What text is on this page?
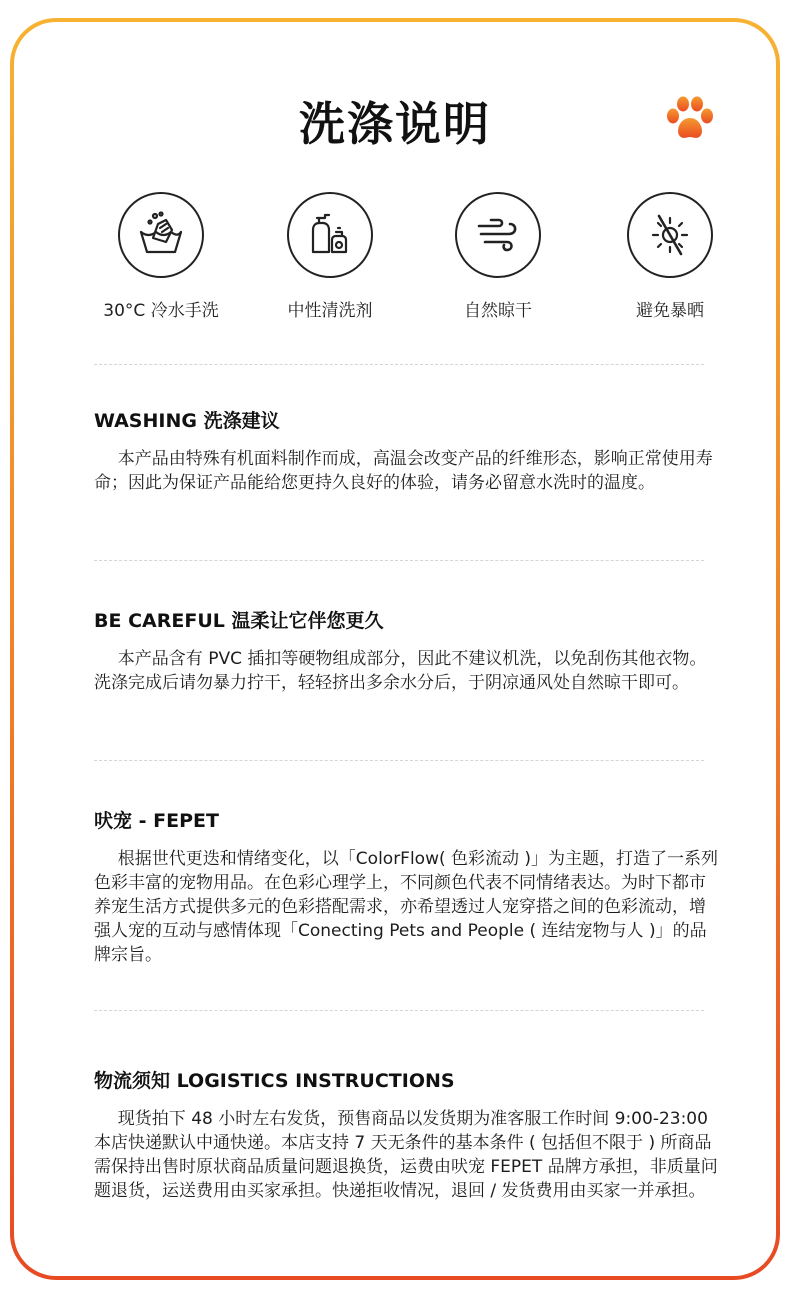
洗涤说明
30°C 冷水手洗	中性清洗剂	自然晾干	避免暴晒
WASHING 洗涤建议
本产品由特殊有机面料制作而成，高温会改变产品的纤维形态，影响正常使用寿命；因此为保证产品能给您更持久良好的体验，请务必留意水洗时的温度。
BE CAREFUL 温柔让它伴您更久
本产品含有 PVC 插扣等硬物组成部分，因此不建议机洗，以免刮伤其他衣物。洗涤完成后请勿暴力拧干，轻轻挤出多余水分后，于阴凉通风处自然晾干即可。
吠宠 - FEPET
根据世代更迭和情绪变化，以「ColorFlow( 色彩流动 )」为主题，打造了一系列色彩丰富的宠物用品。在色彩心理学上，不同颜色代表不同情绪表达。为时下都市养宠生活方式提供多元的色彩搭配需求，亦希望透过人宠穿搭之间的色彩流动，增强人宠的互动与感情体现「Conecting Pets and People ( 连结宠物与人 )」的品牌宗旨。
物流须知 LOGISTICS INSTRUCTIONS
现货拍下 48 小时左右发货，预售商品以发货期为准客服工作时间 9:00-23:00 本店快递默认中通快递。本店支持 7 天无条件的基本条件 ( 包括但不限于 ) 所商品需保持出售时原状商品质量问题退换货，运费由吠宠 FEPET 品牌方承担，非质量问题退货，运送费用由买家承担。快递拒收情况，退回 / 发货费用由买家一并承担。
